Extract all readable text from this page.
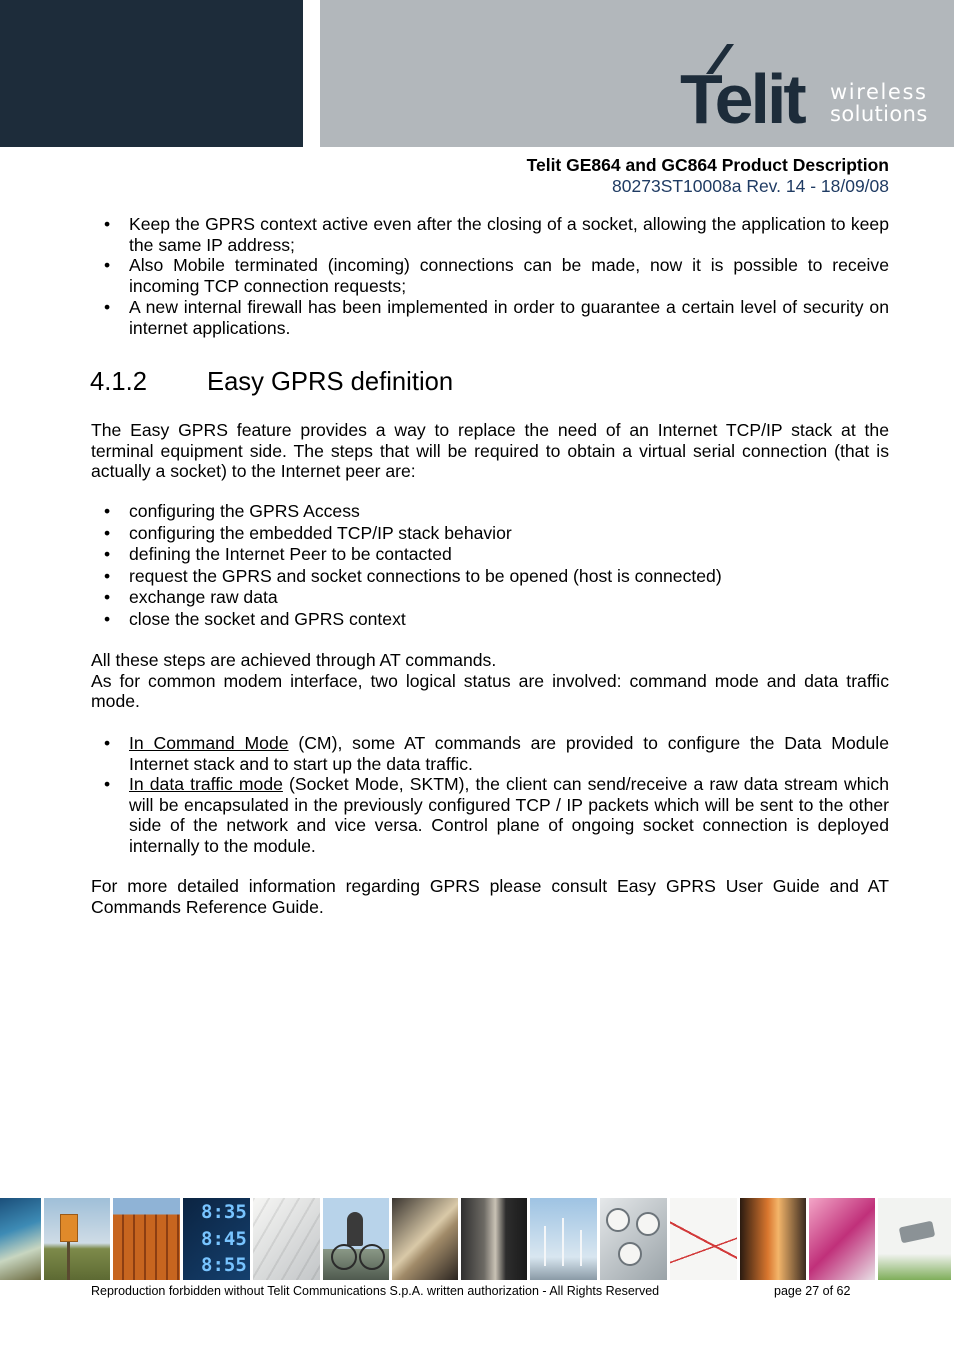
Telit wireless
solutions
Telit GE864 and GC864 Product Description
80273ST10008a Rev. 14 - 18/09/08
• Keep the GPRS context active even after the closing of a socket, allowing the application to keep the same IP address;
• Also Mobile terminated (incoming) connections can be made, now it is possible to receive incoming TCP connection requests;
• A new internal firewall has been implemented in order to guarantee a certain level of security on internet applications.
4.1.2 Easy GPRS definition
The Easy GPRS feature provides a way to replace the need of an Internet TCP/IP stack at the terminal equipment side. The steps that will be required to obtain a virtual serial connection (that is actually a socket) to the Internet peer are:
• configuring the GPRS Access
• configuring the embedded TCP/IP stack behavior
• defining the Internet Peer to be contacted
• request the GPRS and socket connections to be opened (host is connected)
• exchange raw data
• close the socket and GPRS context
All these steps are achieved through AT commands.
As for common modem interface, two logical status are involved: command mode and data traffic mode.
• In Command Mode (CM), some AT commands are provided to configure the Data Module Internet stack and to start up the data traffic.
• In data traffic mode (Socket Mode, SKTM), the client can send/receive a raw data stream which will be encapsulated in the previously configured TCP / IP packets which will be sent to the other side of the network and vice versa. Control plane of ongoing socket connection is deployed internally to the module.
For more detailed information regarding GPRS please consult Easy GPRS User Guide and AT Commands Reference Guide.
8:35
8:45
8:55
Reproduction forbidden without Telit Communications S.p.A. written authorization - All Rights Reserved	page 27 of 62
